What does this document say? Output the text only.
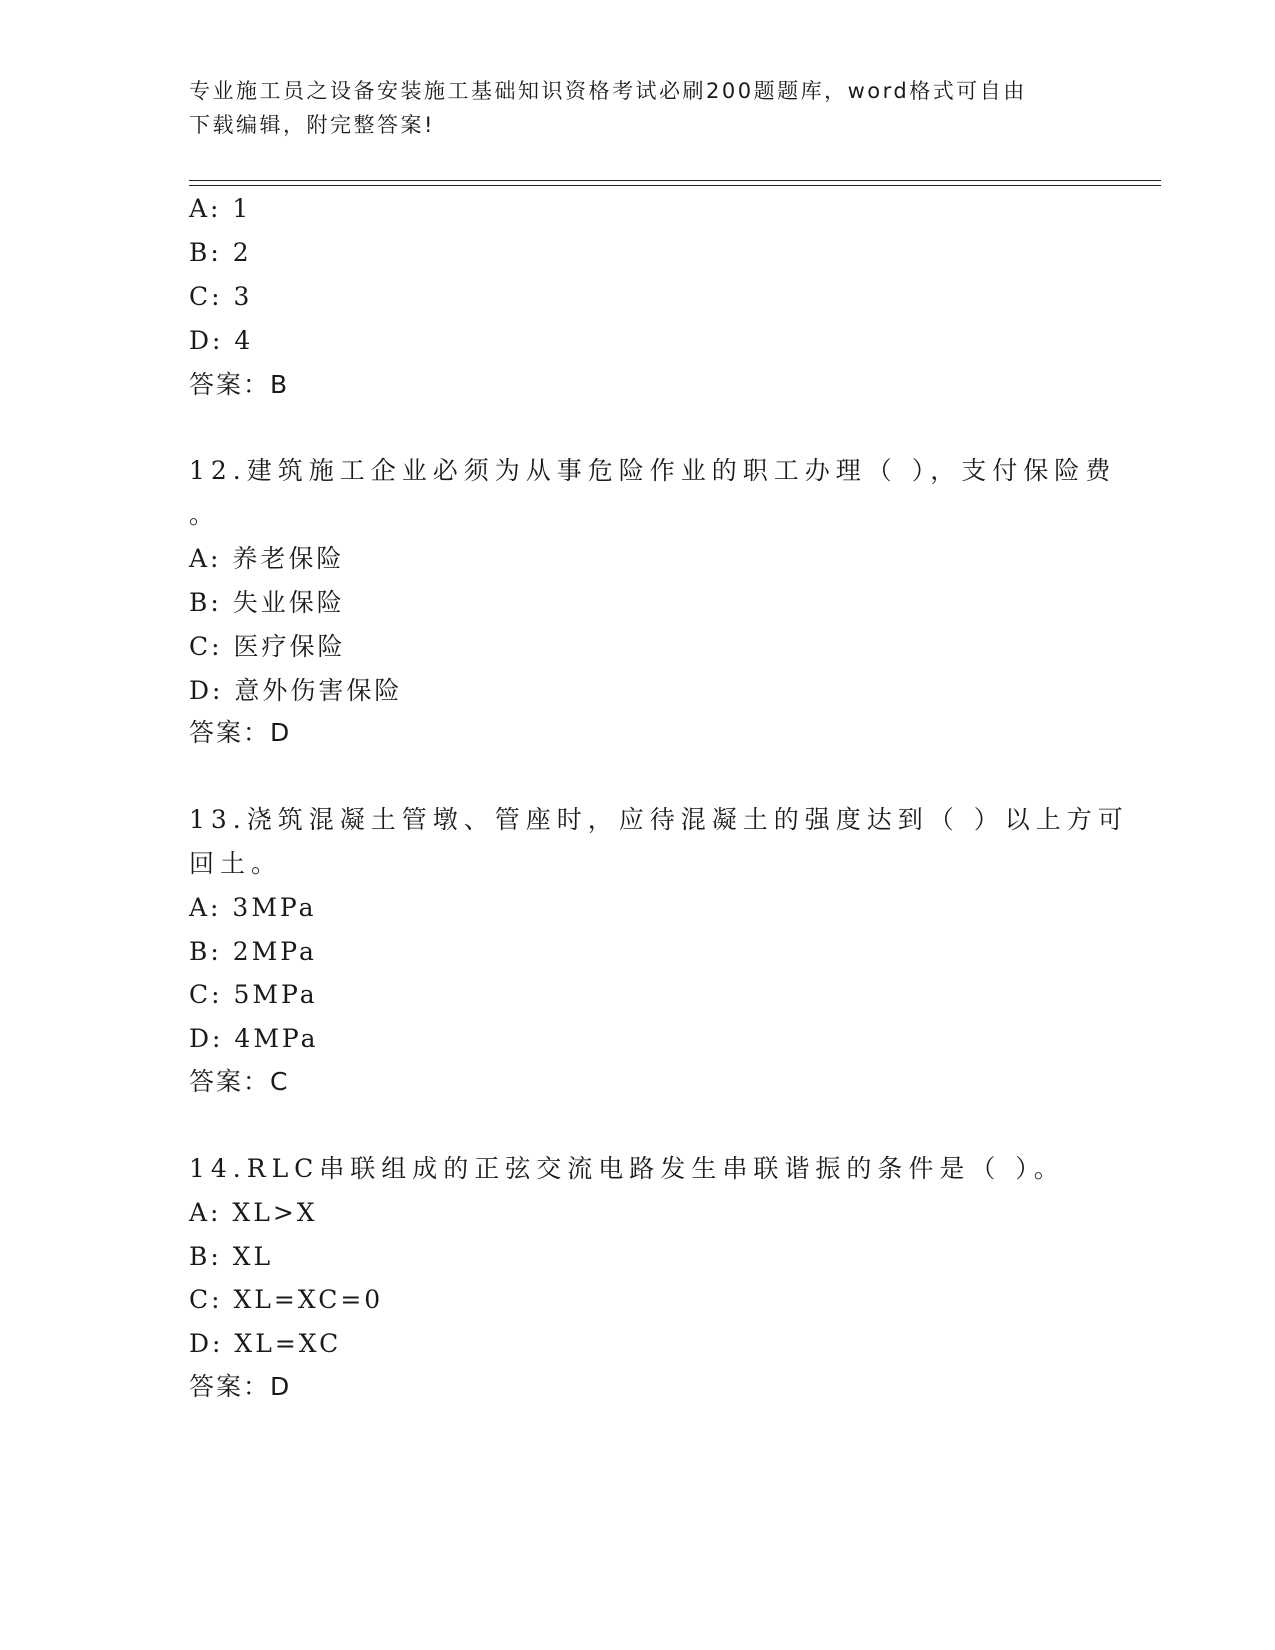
专业施工员之设备安装施工基础知识资格考试必刷200题题库，word格式可自由
下载编辑，附完整答案!
A: 1
B: 2
C: 3
D: 4
答案：B
12.建筑施工企业必须为从事危险作业的职工办理（ ），支付保险费
。
A: 养老保险
B: 失业保险
C: 医疗保险
D: 意外伤害保险
答案：D
13.浇筑混凝土管墩、管座时，应待混凝土的强度达到（ ）以上方可
回土。
A: 3MPa
B: 2MPa
C: 5MPa
D: 4MPa
答案：C
14.RLC串联组成的正弦交流电路发生串联谐振的条件是（ ）。
A: XL>X
B: XL
C: XL=XC=0
D: XL=XC
答案：D
